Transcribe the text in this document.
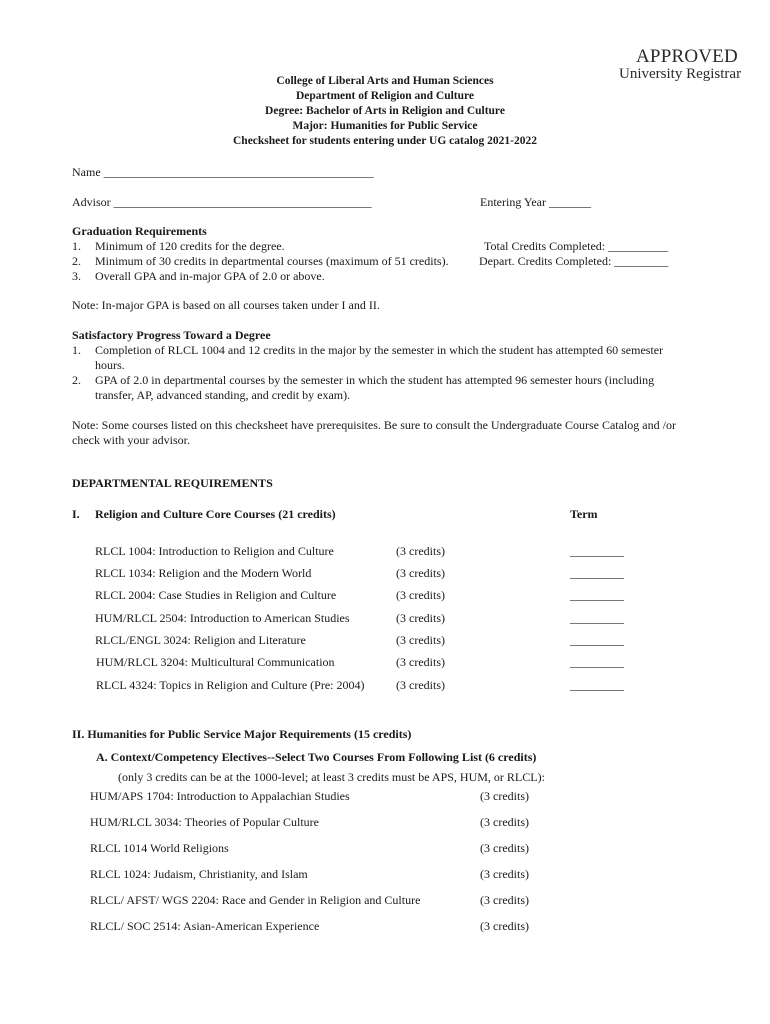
APPROVED
University Registrar
College of Liberal Arts and Human Sciences
Department of Religion and Culture
Degree: Bachelor of Arts in Religion and Culture
Major: Humanities for Public Service
Checksheet for students entering under UG catalog 2021-2022
Name _____________________________________________
Advisor ___________________________________________	Entering Year _______
Graduation Requirements
1. Minimum of 120 credits for the degree.
2. Minimum of 30 credits in departmental courses (maximum of 51 credits).
3. Overall GPA and in-major GPA of 2.0 or above.
Total Credits Completed: __________
Depart. Credits Completed: _________
Note: In-major GPA is based on all courses taken under I and II.
Satisfactory Progress Toward a Degree
1. Completion of RLCL 1004 and 12 credits in the major by the semester in which the student has attempted 60 semester
hours.
2. GPA of 2.0 in departmental courses by the semester in which the student has attempted 96 semester hours (including
transfer, AP, advanced standing, and credit by exam).
Note: Some courses listed on this checksheet have prerequisites. Be sure to consult the Undergraduate Course Catalog and /or
check with your advisor.
DEPARTMENTAL REQUIREMENTS
I. Religion and Culture Core Courses (21 credits)	Term
RLCL 1004: Introduction to Religion and Culture	(3 credits)	_________
RLCL 1034: Religion and the Modern World	(3 credits)	_________
RLCL 2004: Case Studies in Religion and Culture	(3 credits)	_________
HUM/RLCL 2504: Introduction to American Studies	(3 credits)	_________
RLCL/ENGL 3024: Religion and Literature	(3 credits)	_________
HUM/RLCL 3204: Multicultural Communication	(3 credits)	_________
RLCL 4324: Topics in Religion and Culture (Pre: 2004)	(3 credits)	_________
II. Humanities for Public Service Major Requirements (15 credits)
A. Context/Competency Electives--Select Two Courses From Following List (6 credits)
(only 3 credits can be at the 1000-level; at least 3 credits must be APS, HUM, or RLCL):
HUM/APS 1704: Introduction to Appalachian Studies	(3 credits)
HUM/RLCL 3034: Theories of Popular Culture	(3 credits)
RLCL 1014 World Religions	(3 credits)
RLCL 1024: Judaism, Christianity, and Islam	(3 credits)
RLCL/ AFST/ WGS 2204: Race and Gender in Religion and Culture	(3 credits)
RLCL/ SOC 2514: Asian-American Experience	(3 credits)
